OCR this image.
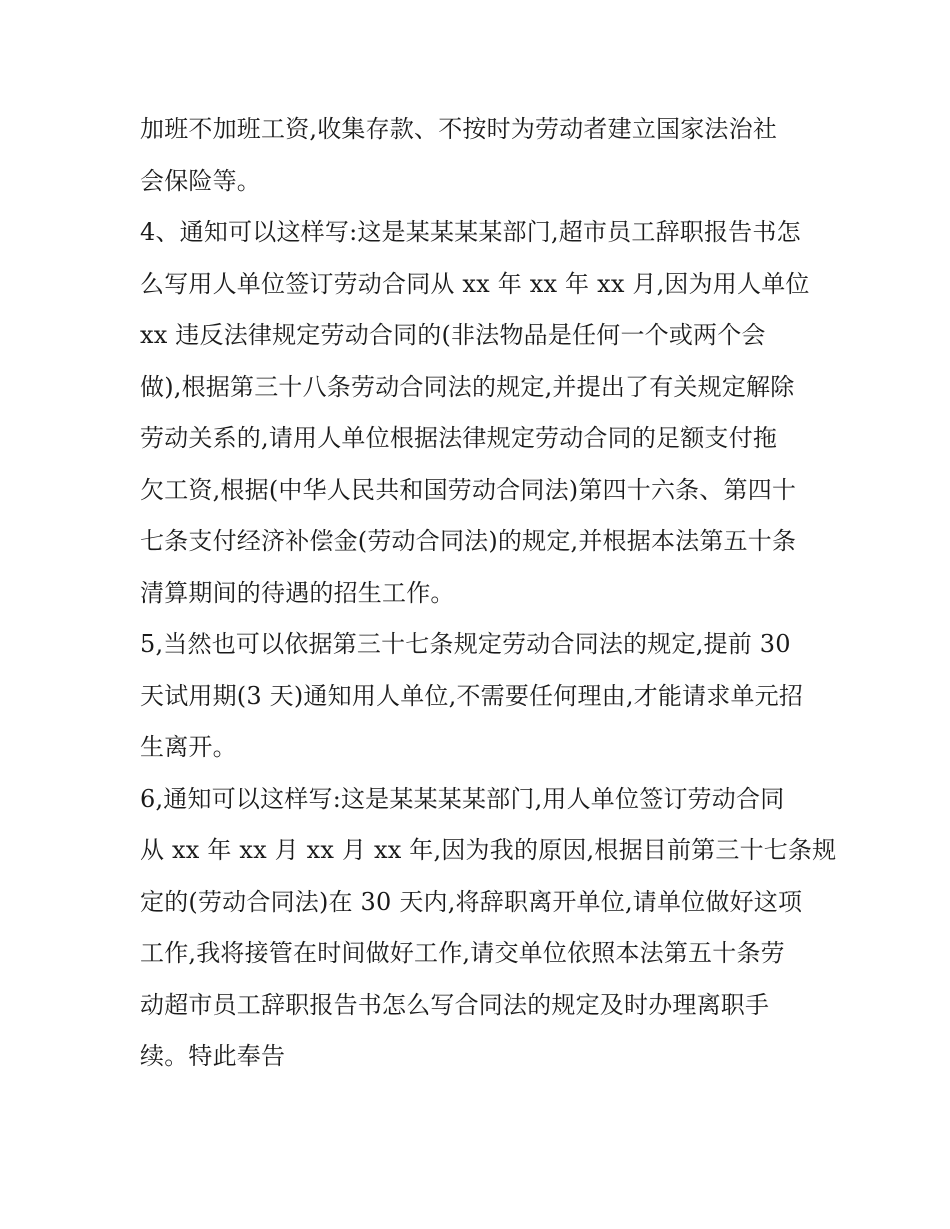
加班不加班工资,收集存款、不按时为劳动者建立国家法治社
会保险等。
4、通知可以这样写:这是某某某某部门,超市员工辞职报告书怎
么写用人单位签订劳动合同从 xx 年 xx 年 xx 月,因为用人单位
xx 违反法律规定劳动合同的(非法物品是任何一个或两个会
做),根据第三十八条劳动合同法的规定,并提出了有关规定解除
劳动关系的,请用人单位根据法律规定劳动合同的足额支付拖
欠工资,根据(中华人民共和国劳动合同法)第四十六条、第四十
七条支付经济补偿金(劳动合同法)的规定,并根据本法第五十条
清算期间的待遇的招生工作。
5,当然也可以依据第三十七条规定劳动合同法的规定,提前 30
天试用期(3 天)通知用人单位,不需要任何理由,才能请求单元招
生离开。
6,通知可以这样写:这是某某某某部门,用人单位签订劳动合同
从 xx 年 xx 月 xx 月 xx 年,因为我的原因,根据目前第三十七条规
定的(劳动合同法)在 30 天内,将辞职离开单位,请单位做好这项
工作,我将接管在时间做好工作,请交单位依照本法第五十条劳
动超市员工辞职报告书怎么写合同法的规定及时办理离职手
续。特此奉告
